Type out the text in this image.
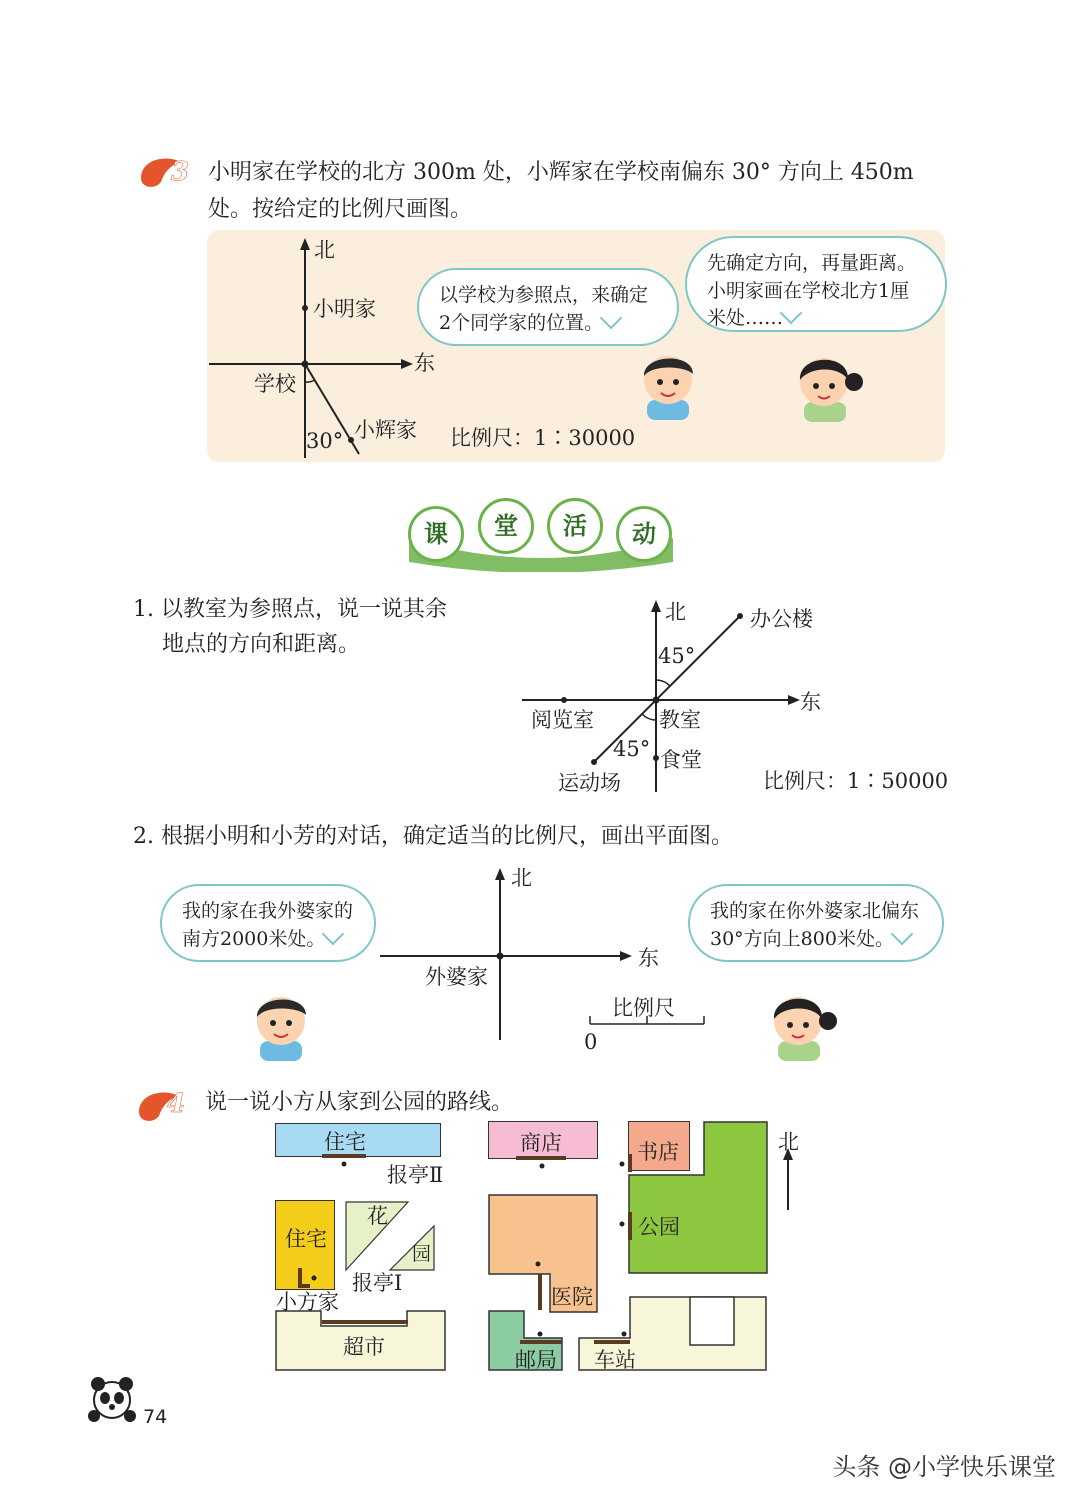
3 小明家在学校的北方 300m 处，小辉家在学校南偏东 30° 方向上 450m
处。按给定的比例尺画图。
北
小明家
东
学校
小辉家
30°	比例尺：1∶30000
以学校为参照点，来确定2个同学家的位置。
先确定方向，再量距离。小明家画在学校北方1厘米处……
课	堂	活	动
1. 以教室为参照点，说一说其余
地点的方向和距离。
北	办公楼
45°
东
阅览室	教室
45° 食堂
运动场	比例尺：1∶50000
2. 根据小明和小芳的对话，确定适当的比例尺，画出平面图。
我的家在我外婆家的南方2000米处。
我的家在你外婆家北偏东30°方向上800米处。
北
东
外婆家
比例尺
0
4 说一说小方从家到公园的路线。
住宅	商店	书店
报亭Ⅱ
北
花
园
公园
住宅
报亭Ⅰ
小方家	医院
超市
邮局 车站
74
头条 @小学快乐课堂
